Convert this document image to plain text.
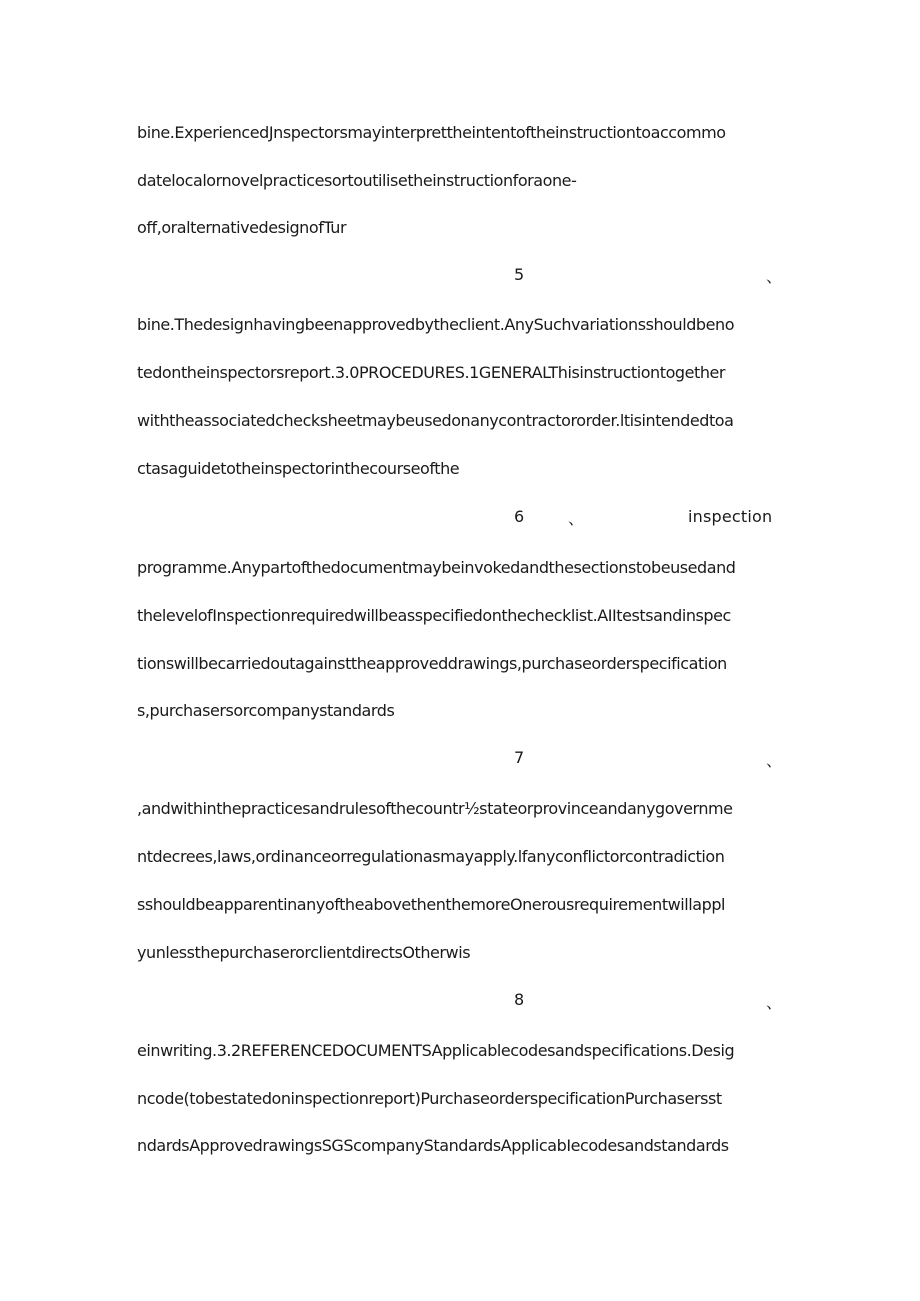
bine.ExperiencedJnspectorsmayinterprettheintentoftheinstructiontoaccommo
datelocalornovelpracticesortoutilisetheinstructionforaone-
off,oralternativedesignofTur
5	、
bine.Thedesignhavingbeenapprovedbytheclient.AnySuchvariationsshouldbeno
tedontheinspectorsreport.3.0PROCEDURES.1GENERALThisinstructiontogether
withtheassociatedchecksheetmaybeusedonanycontractororder.ltisintendedtoa
ctasaguidetotheinspectorinthecourseofthe
6	、	inspection
programme.Anypartofthedocumentmaybeinvokedandthesectionstobeusedand
thelevelofInspectionrequiredwillbeasspecifiedonthechecklist.AIItestsandinspec
tionswillbecarriedoutagainsttheapproveddrawings,purchaseorderspecification
s,purchasersorcompanystandards
7	、
,andwithinthepracticesandrulesofthecountr½stateorprovinceandanygovernme
ntdecrees,laws,ordinanceorregulationasmayapply.lfanyconflictorcontradiction
sshouldbeapparentinanyoftheabovethenthemoreOnerousrequirementwillappl
yunlessthepurchaserorclientdirectsOtherwis
8	、
einwriting.3.2REFERENCEDOCUMENTSApplicablecodesandspecifications.Desig
ncode(tobestatedoninspectionreport)PurchaseorderspecificationPurchasersst
ndardsApprovedrawingsSGScompanyStandardsAppIicabIecodesandstandards
